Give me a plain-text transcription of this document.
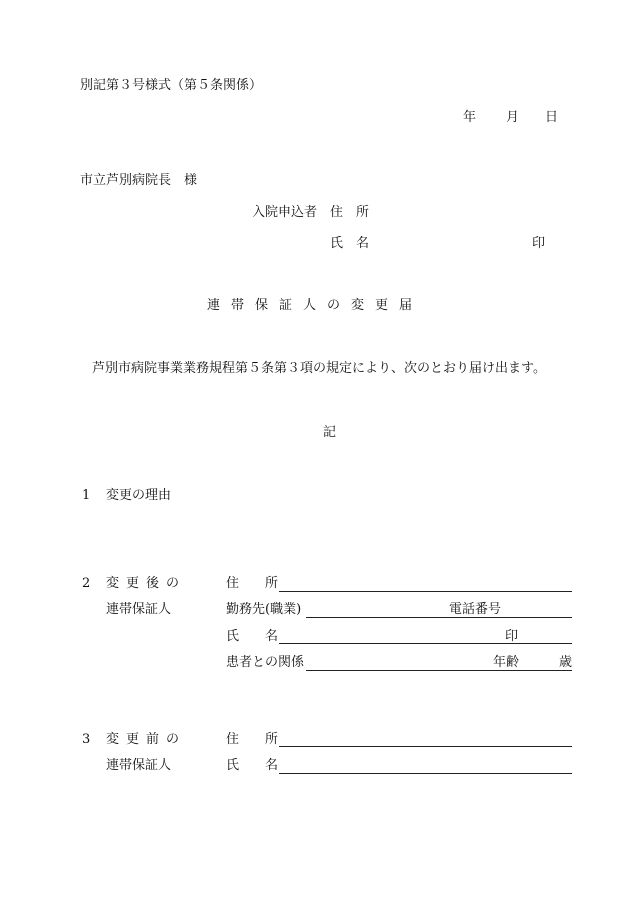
別記第３号様式（第５条関係）
年 月 日
市立芦別病院長　様
入院申込者 住　所
氏　名	印
連帯保証人の変更届
芦別市病院事業業務規程第５条第３項の規定により、次のとおり届け出ます。
記
1 変更の理由
2 変更後の
連帯保証人
住　　所
勤務先(職業)	電話番号
氏　　名	印
患者との関係	年齢	歳
3 変更前の
連帯保証人
住　　所
氏　　名
